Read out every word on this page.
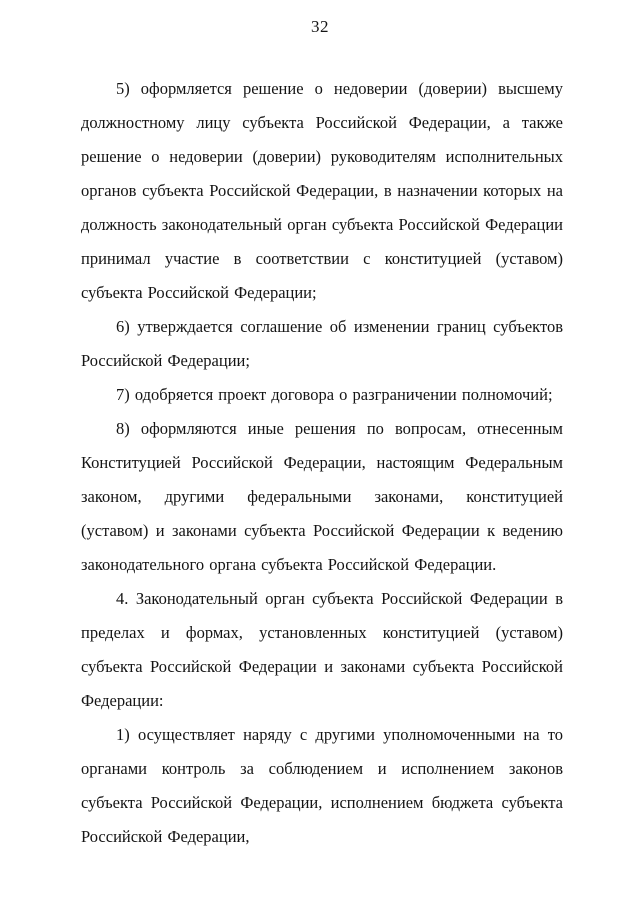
32

5) оформляется решение о недоверии (доверии) высшему должностному лицу субъекта Российской Федерации, а также решение о недоверии (доверии) руководителям исполнительных органов субъекта Российской Федерации, в назначении которых на должность законодательный орган субъекта Российской Федерации принимал участие в соответствии с конституцией (уставом) субъекта Российской Федерации;

6) утверждается соглашение об изменении границ субъектов Российской Федерации;

7) одобряется проект договора о разграничении полномочий;

8) оформляются иные решения по вопросам, отнесенным Конституцией Российской Федерации, настоящим Федеральным законом, другими федеральными законами, конституцией (уставом) и законами субъекта Российской Федерации к ведению законодательного органа субъекта Российской Федерации.

4. Законодательный орган субъекта Российской Федерации в пределах и формах, установленных конституцией (уставом) субъекта Российской Федерации и законами субъекта Российской Федерации:

1) осуществляет наряду с другими уполномоченными на то органами контроль за соблюдением и исполнением законов субъекта Российской Федерации, исполнением бюджета субъекта Российской Федерации,
